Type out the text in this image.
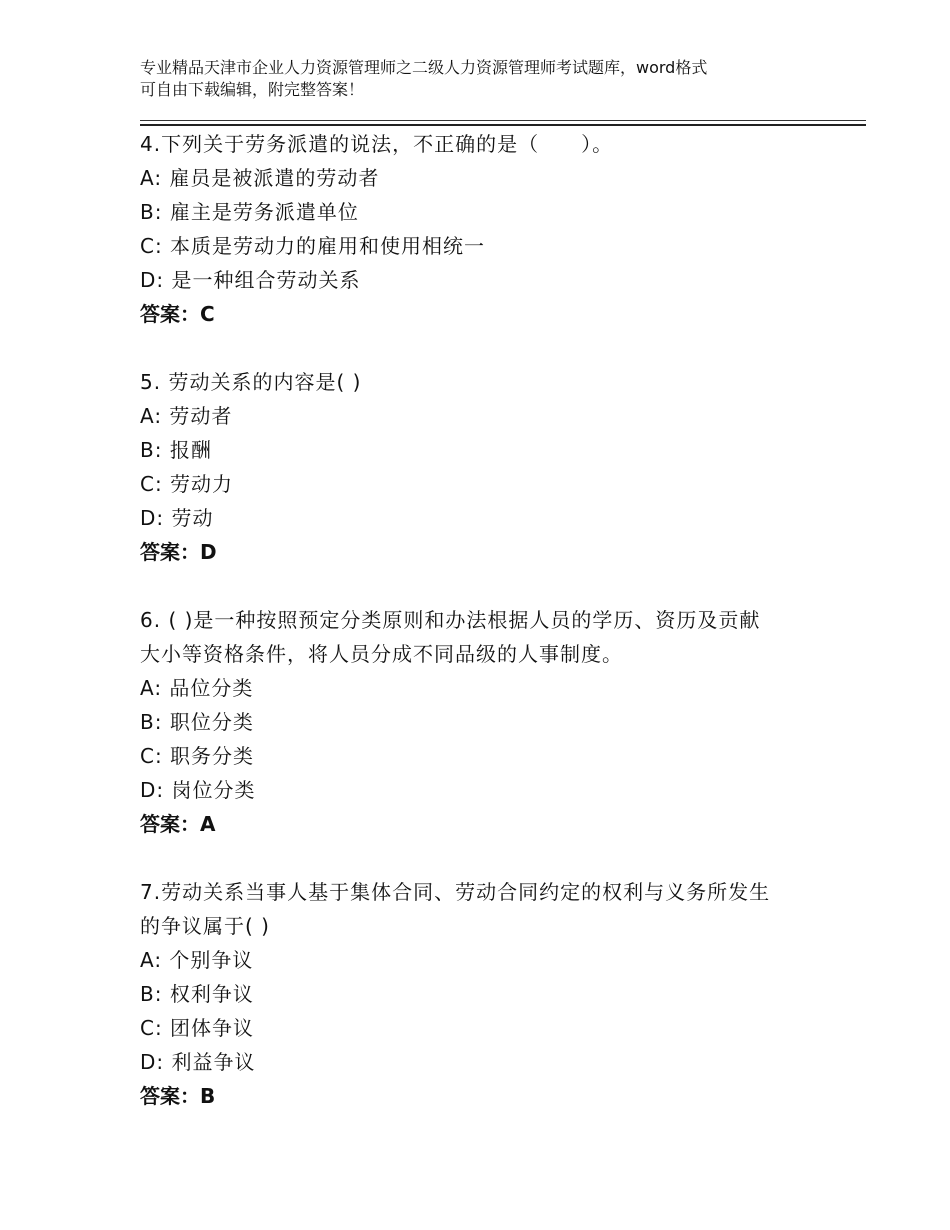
专业精品天津市企业人力资源管理师之二级人力资源管理师考试题库，word格式
可自由下载编辑，附完整答案！
4.下列关于劳务派遣的说法，不正确的是（　　）。
A: 雇员是被派遣的劳动者
B: 雇主是劳务派遣单位
C: 本质是劳动力的雇用和使用相统一
D: 是一种组合劳动关系
答案：C
5. 劳动关系的内容是( )
A: 劳动者
B: 报酬
C: 劳动力
D: 劳动
答案：D
6. ( )是一种按照预定分类原则和办法根据人员的学历、资历及贡献
大小等资格条件，将人员分成不同品级的人事制度。
A: 品位分类
B: 职位分类
C: 职务分类
D: 岗位分类
答案：A
7.劳动关系当事人基于集体合同、劳动合同约定的权利与义务所发生
的争议属于( )
A: 个别争议
B: 权利争议
C: 团体争议
D: 利益争议
答案：B
